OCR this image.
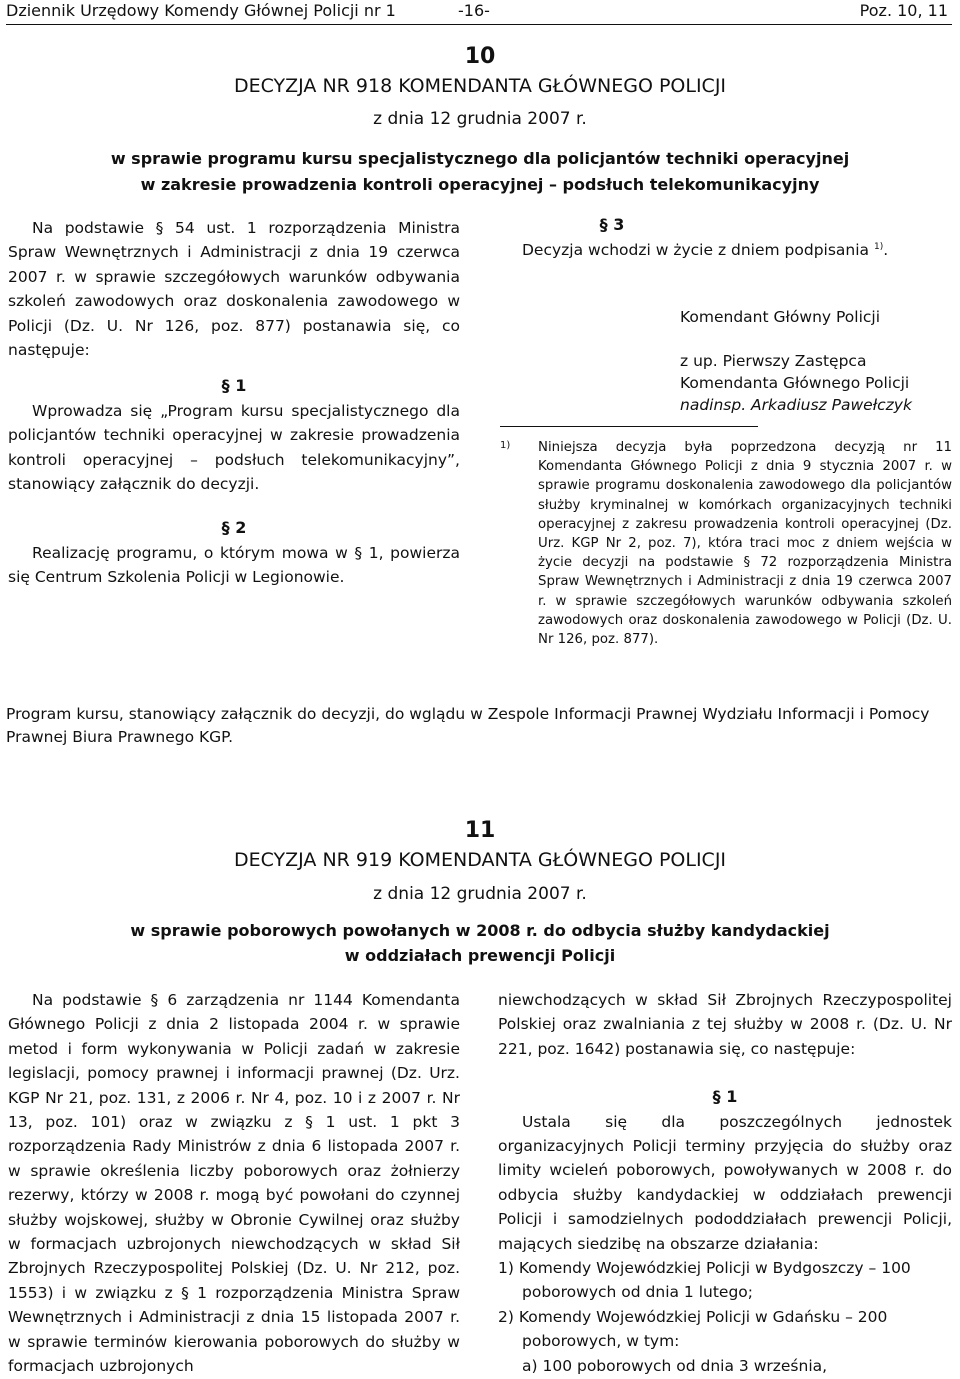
Dziennik Urzędowy Komendy Głównej Policji nr 1	-16-	Poz. 10, 11
10
DECYZJA NR 918 KOMENDANTA GŁÓWNEGO POLICJI
z dnia 12 grudnia 2007 r.
w sprawie programu kursu specjalistycznego dla policjantów techniki operacyjnej
w zakresie prowadzenia kontroli operacyjnej – podsłuch telekomunikacyjny

Na podstawie § 54 ust. 1 rozporządzenia Ministra Spraw Wewnętrznych i Administracji z dnia 19 czerwca 2007 r. w sprawie szczegółowych warunków odbywania szkoleń zawodowych oraz doskonalenia zawodowego w Policji (Dz. U. Nr 126, poz. 877) postanawia się, co następuje:

§ 1

Wprowadza się „Program kursu specjalistycznego dla policjantów techniki operacyjnej w zakresie prowadzenia kontroli operacyjnej – podsłuch telekomunikacyjny”, stanowiący załącznik do decyzji.

§ 2

Realizację programu, o którym mowa w § 1, powierza się Centrum Szkolenia Policji w Legionowie.

§ 3
Decyzja wchodzi w życie z dniem podpisania $^{1)}$.
Komendant Główny Policji
z up. Pierwszy Zastępca
Komendanta Głównego Policji
nadinsp. Arkadiusz Pawełczyk
1) Niniejsza decyzja była poprzedzona decyzją nr 11 Komendanta Głównego Policji z dnia 9 stycznia 2007 r. w sprawie programu doskonalenia zawodowego dla policjantów służby kryminalnej w komórkach organizacyjnych techniki operacyjnej z zakresu prowadzenia kontroli operacyjnej (Dz. Urz. KGP Nr 2, poz. 7), która traci moc z dniem wejścia w życie decyzji na podstawie § 72 rozporządzenia Ministra Spraw Wewnętrznych i Administracji z dnia 19 czerwca 2007 r. w sprawie szczegółowych warunków odbywania szkoleń zawodowych oraz doskonalenia zawodowego w Policji (Dz. U. Nr 126, poz. 877).

Program kursu, stanowiący załącznik do decyzji, do wglądu w Zespole Informacji Prawnej Wydziału Informacji i Pomocy Prawnej Biura Prawnego KGP.

11
DECYZJA NR 919 KOMENDANTA GŁÓWNEGO POLICJI
z dnia 12 grudnia 2007 r.
w sprawie poborowych powołanych w 2008 r. do odbycia służby kandydackiej
w oddziałach prewencji Policji

Na podstawie § 6 zarządzenia nr 1144 Komendanta Głównego Policji z dnia 2 listopada 2004 r. w sprawie metod i form wykonywania w Policji zadań w zakresie legislacji, pomocy prawnej i informacji prawnej (Dz. Urz. KGP Nr 21, poz. 131, z 2006 r. Nr 4, poz. 10 i z 2007 r. Nr 13, poz. 101) oraz w związku z § 1 ust. 1 pkt 3 rozporządzenia Rady Ministrów z dnia 6 listopada 2007 r. w sprawie określenia liczby poborowych oraz żołnierzy rezerwy, którzy w 2008 r. mogą być powołani do czynnej służby wojskowej, służby w Obronie Cywilnej oraz służby w formacjach uzbrojonych niewchodzących w skład Sił Zbrojnych Rzeczypospolitej Polskiej (Dz. U. Nr 212, poz. 1553) i w związku z § 1 rozporządzenia Ministra Spraw Wewnętrznych i Administracji z dnia 15 listopada 2007 r. w sprawie terminów kierowania poborowych do służby w formacjach uzbrojonych

niewchodzących w skład Sił Zbrojnych Rzeczypospolitej Polskiej oraz zwalniania z tej służby w 2008 r. (Dz. U. Nr 221, poz. 1642) postanawia się, co następuje:

§ 1

Ustala się dla poszczególnych jednostek organizacyjnych Policji terminy przyjęcia do służby oraz limity wcieleń poborowych, powoływanych w 2008 r. do odbycia służby kandydackiej w oddziałach prewencji Policji i samodzielnych pododdziałach prewencji Policji, mających siedzibę na obszarze działania:

1) Komendy Wojewódzkiej Policji w Bydgoszczy – 100 poborowych od dnia 1 lutego;

2) Komendy Wojewódzkiej Policji w Gdańsku – 200 poborowych, w tym:

a) 100 poborowych od dnia 3 września,
